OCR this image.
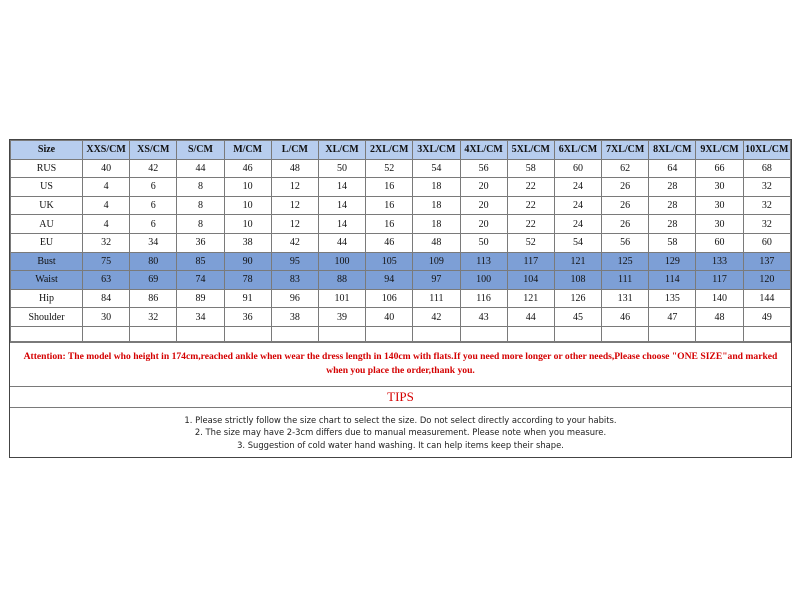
Size	XXS/CM	XS/CM	S/CM	M/CM	L/CM	XL/CM	2XL/CM	3XL/CM	4XL/CM	5XL/CM	6XL/CM	7XL/CM	8XL/CM	9XL/CM	10XL/CM
RUS	40	42	44	46	48	50	52	54	56	58	60	62	64	66	68
US	4	6	8	10	12	14	16	18	20	22	24	26	28	30	32
UK	4	6	8	10	12	14	16	18	20	22	24	26	28	30	32
AU	4	6	8	10	12	14	16	18	20	22	24	26	28	30	32
EU	32	34	36	38	42	44	46	48	50	52	54	56	58	60	60
Bust	75	80	85	90	95	100	105	109	113	117	121	125	129	133	137
Waist	63	69	74	78	83	88	94	97	100	104	108	111	114	117	120
Hip	84	86	89	91	96	101	106	111	116	121	126	131	135	140	144
Shoulder	30	32	34	36	38	39	40	42	43	44	45	46	47	48	49

Attention: The model who height in 174cm,reached ankle when wear the dress length in 140cm with flats.If you need more longer or other needs,Please choose "ONE SIZE"and marked when you place the order,thank you.
TIPS
1. Please strictly follow the size chart to select the size. Do not select directly according to your habits.
2. The size may have 2-3cm differs due to manual measurement. Please note when you measure.
3. Suggestion of cold water hand washing. It can help items keep their shape.
